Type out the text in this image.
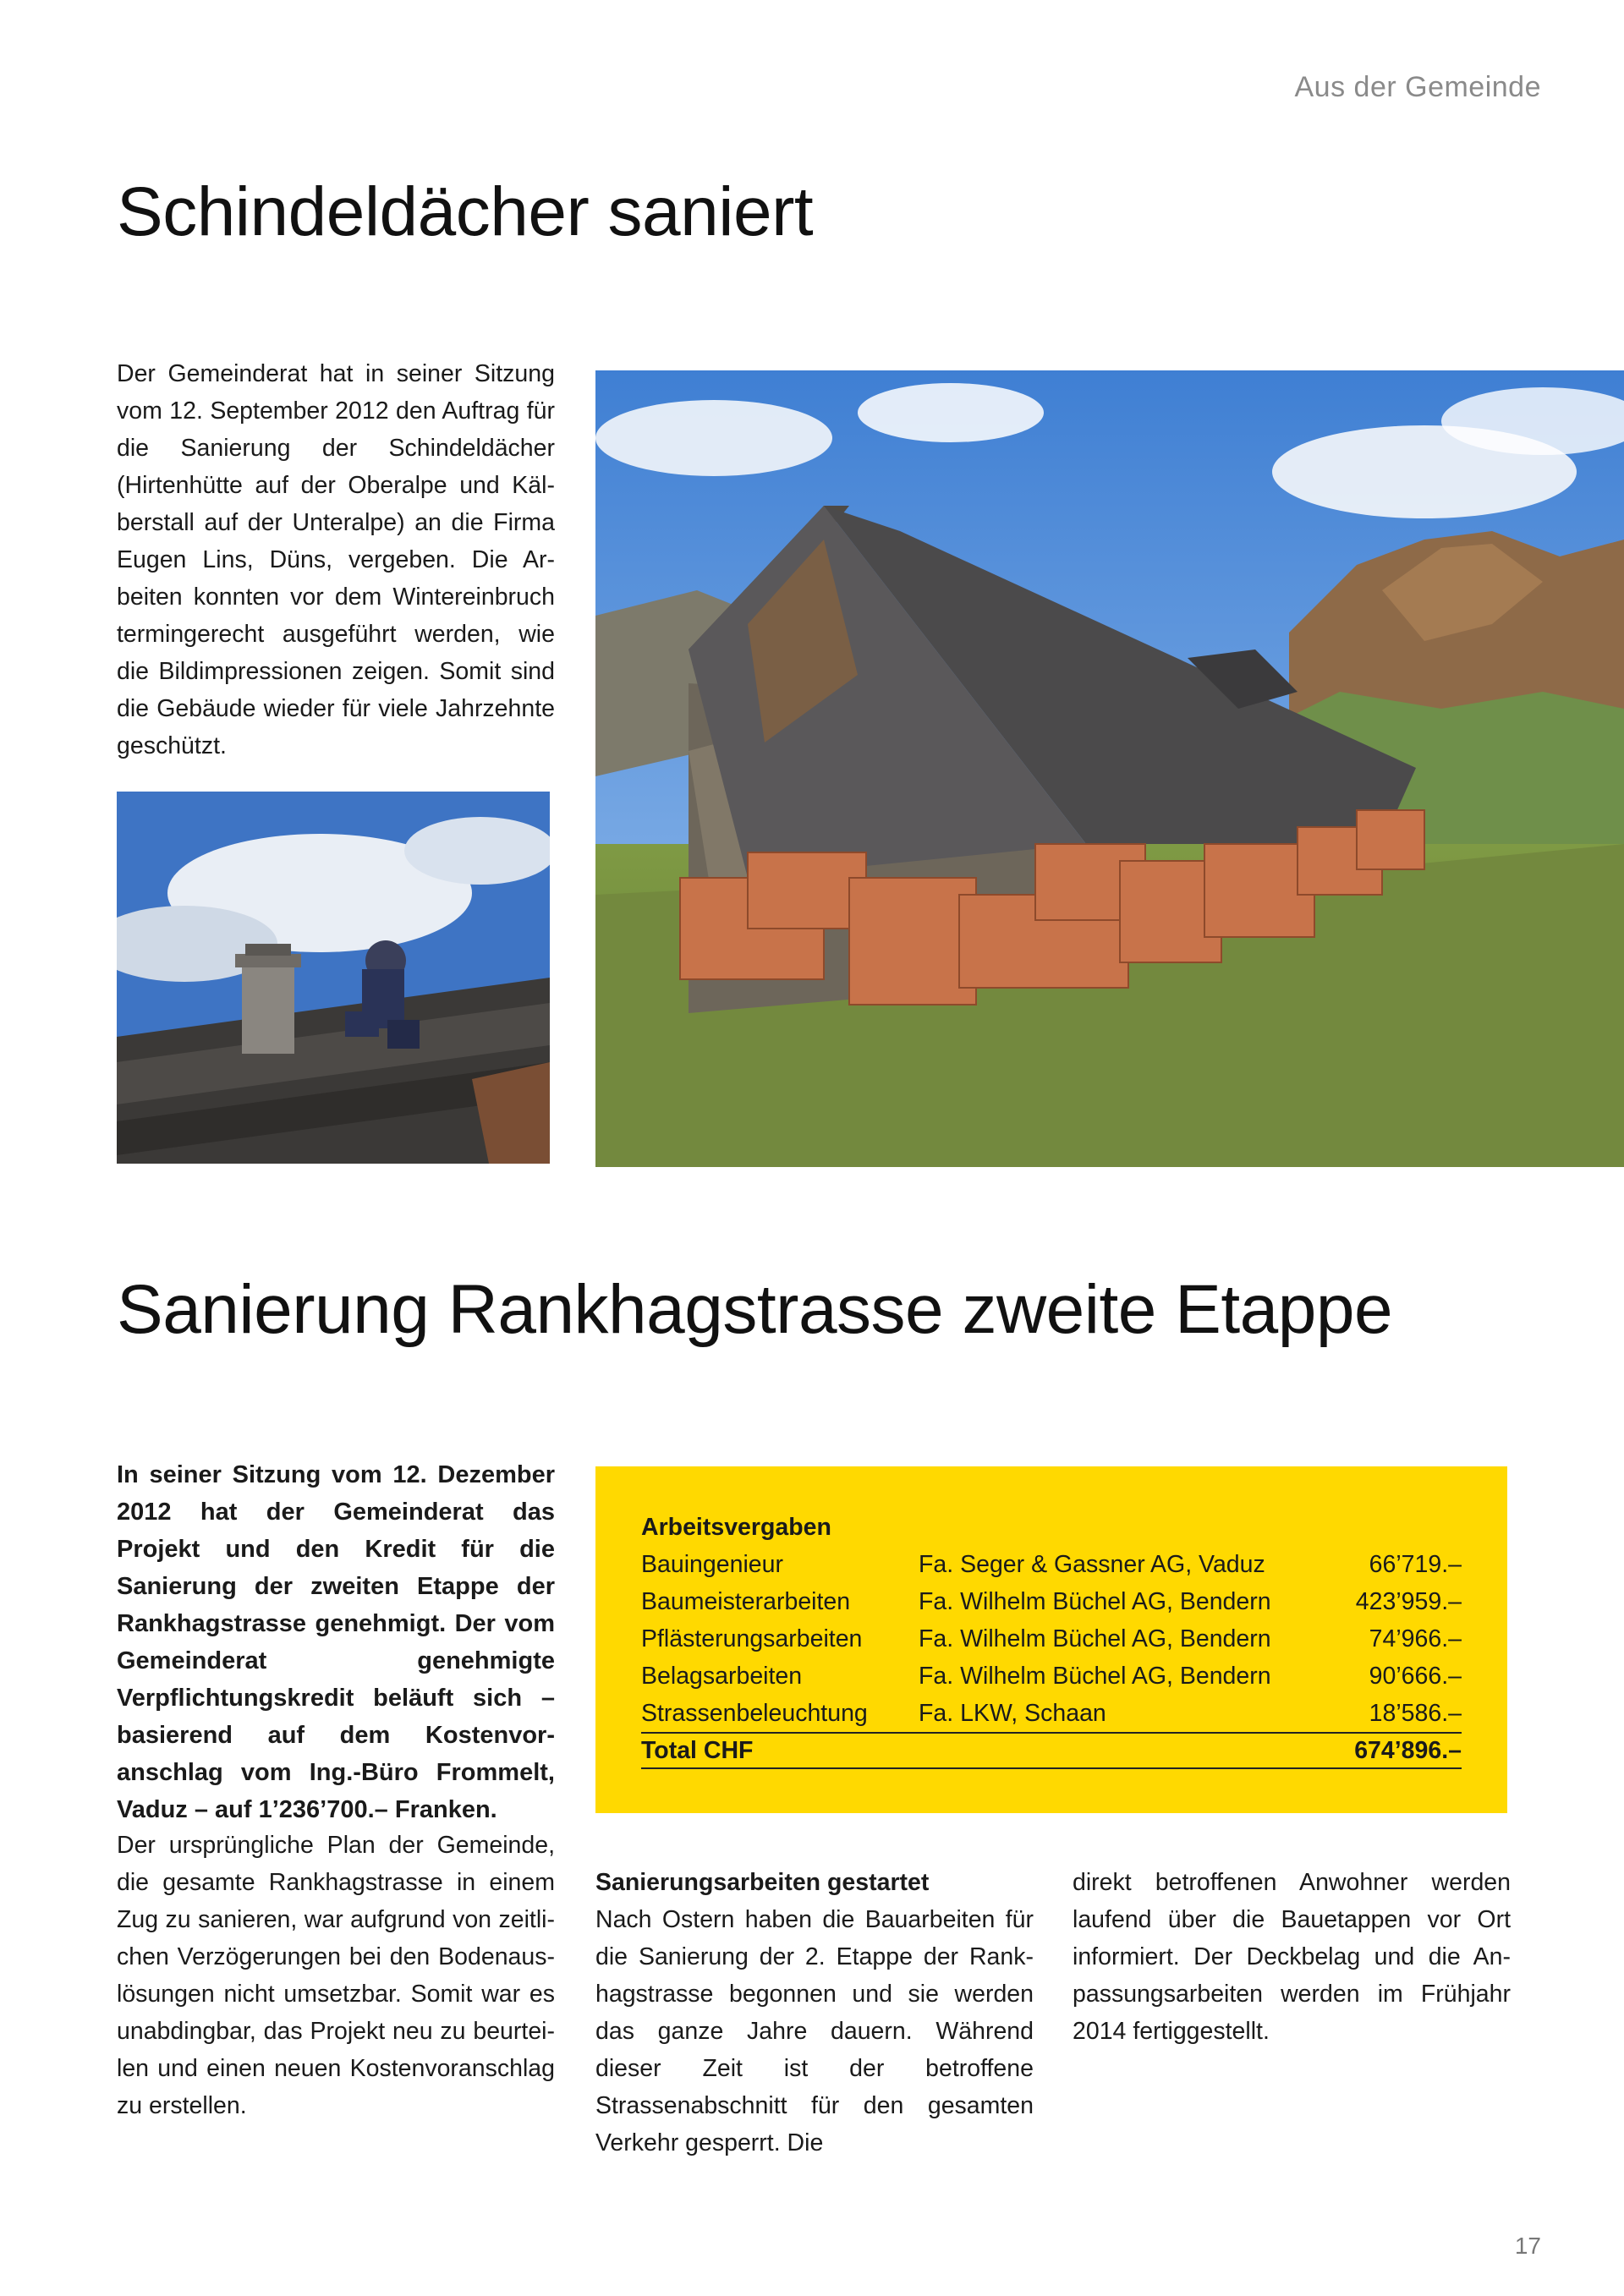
Aus der Gemeinde
Schindeldächer saniert

Der Gemeinderat hat in seiner Sitzung vom 12. September 2012 den Auftrag für die Sanierung der Schindeldächer (Hirtenhütte auf der Oberalpe und Kälberstall auf der Unteralpe) an die Firma Eugen Lins, Düns, vergeben. Die Arbeiten konnten vor dem Wintereinbruch termingerecht ausgeführt werden, wie die Bildimpressionen zeigen. Somit sind die Gebäude wieder für viele Jahrzehnte geschützt.

Sanierung Rankhagstrasse zweite Etappe

In seiner Sitzung vom 12. Dezember 2012 hat der Gemeinderat das Projekt und den Kredit für die Sanierung der zweiten Etappe der Rankhagstrasse genehmigt. Der vom Gemeinderat genehmigte Verpflichtungskredit beläuft sich – basierend auf dem Kostenvoranschlag vom Ing.-Büro Frommelt, Vaduz – auf 1’236’700.– Franken.

Arbeitsvergaben
Bauingenieur	Fa. Seger & Gassner AG, Vaduz	66’719.–
Baumeisterarbeiten	Fa. Wilhelm Büchel AG, Bendern	423’959.–
Pflästerungsarbeiten	Fa. Wilhelm Büchel AG, Bendern	74’966.–
Belagsarbeiten	Fa. Wilhelm Büchel AG, Bendern	90’666.–
Strassenbeleuchtung	Fa. LKW, Schaan	18’586.–
Total CHF		674’896.–

Der ursprüngliche Plan der Gemeinde, die gesamte Rankhagstrasse in einem Zug zu sanieren, war aufgrund von zeitlichen Verzögerungen bei den Bodenauslösungen nicht umsetzbar. Somit war es unabdingbar, das Projekt neu zu beurteilen und einen neuen Kostenvoranschlag zu erstellen.

Sanierungsarbeiten gestartet

Nach Ostern haben die Bauarbeiten für die Sanierung der 2. Etappe der Rankhagstrasse begonnen und sie werden das ganze Jahre dauern. Während dieser Zeit ist der betroffene Strassenabschnitt für den gesamten Verkehr gesperrt. Die

direkt betroffenen Anwohner werden laufend über die Bauetappen vor Ort informiert. Der Deckbelag und die Anpassungsarbeiten werden im Frühjahr 2014 fertiggestellt.

17
